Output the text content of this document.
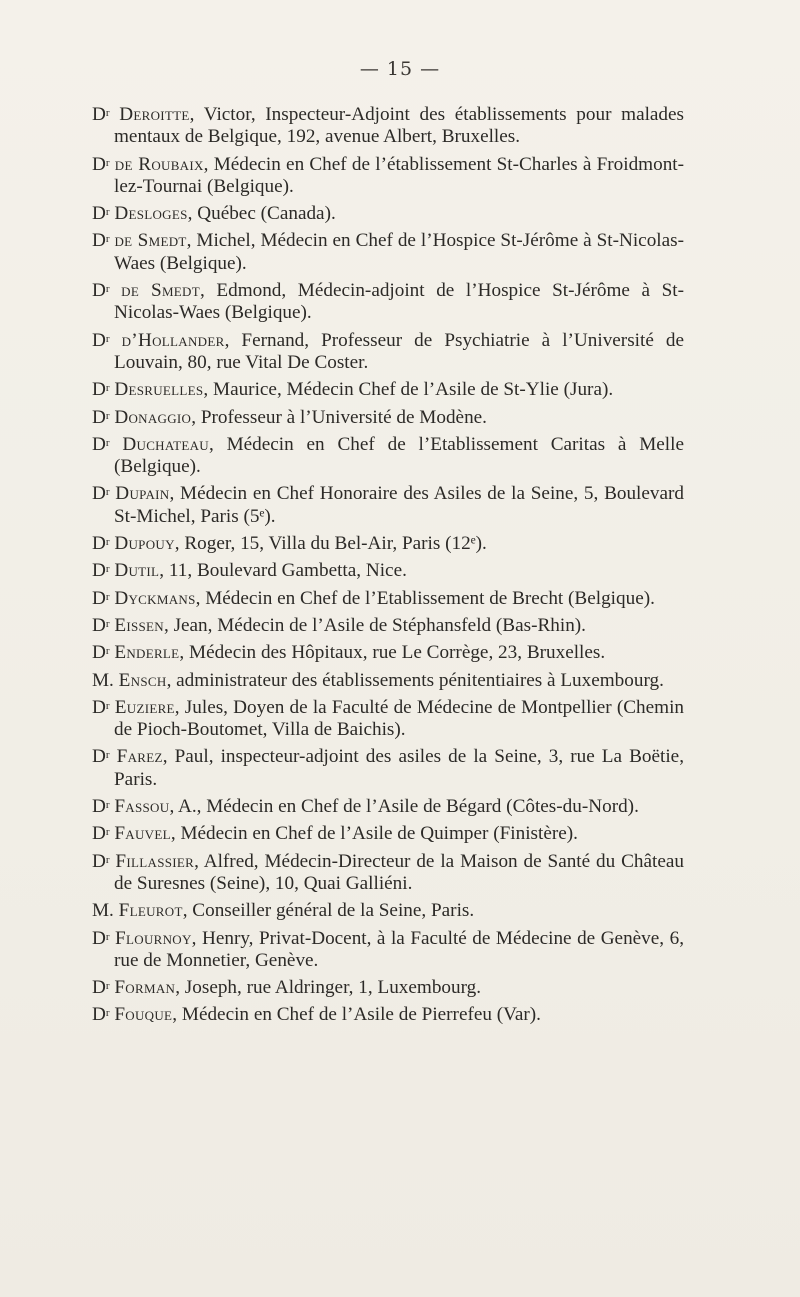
— 15 —

$D^r$ Deroitte, Victor, Inspecteur-Adjoint des établissements pour malades mentaux de Belgique, 192, avenue Albert, Bruxelles.

$D^r$ de Roubaix, Médecin en Chef de l’établissement St-Charles à Froidmont-lez-Tournai (Belgique).

$D^r$ Desloges, Québec (Canada).

$D^r$ de Smedt, Michel, Médecin en Chef de l’Hospice St-Jérôme à St-Nicolas-Waes (Belgique).

$D^r$ de Smedt, Edmond, Médecin-adjoint de l’Hospice St-Jérôme à St-Nicolas-Waes (Belgique).

$D^r$ d’Hollander, Fernand, Professeur de Psychiatrie à l’Université de Louvain, 80, rue Vital De Coster.

$D^r$ Desruelles, Maurice, Médecin Chef de l’Asile de St-Ylie (Jura).

$D^r$ Donaggio, Professeur à l’Université de Modène.

$D^r$ Duchateau, Médecin en Chef de l’Etablissement Caritas à Melle (Belgique).

$D^r$ Dupain, Médecin en Chef Honoraire des Asiles de la Seine, 5, Boulevard St-Michel, Paris (5ᵉ).

$D^r$ Dupouy, Roger, 15, Villa du Bel-Air, Paris (12ᵉ).

$D^r$ Dutil, 11, Boulevard Gambetta, Nice.

$D^r$ Dyckmans, Médecin en Chef de l’Etablissement de Brecht (Belgique).

$D^r$ Eissen, Jean, Médecin de l’Asile de Stéphansfeld (Bas-Rhin).

$D^r$ Enderle, Médecin des Hôpitaux, rue Le Corrège, 23, Bruxelles.

M. Ensch, administrateur des établissements pénitentiaires à Luxembourg.

$D^r$ Euziere, Jules, Doyen de la Faculté de Médecine de Montpellier (Chemin de Pioch-Boutomet, Villa de Baichis).

$D^r$ Farez, Paul, inspecteur-adjoint des asiles de la Seine, 3, rue La Boëtie, Paris.

$D^r$ Fassou, A., Médecin en Chef de l’Asile de Bégard (Côtes-du-Nord).

$D^r$ Fauvel, Médecin en Chef de l’Asile de Quimper (Finistère).

$D^r$ Fillassier, Alfred, Médecin-Directeur de la Maison de Santé du Château de Suresnes (Seine), 10, Quai Galliéni.

M. Fleurot, Conseiller général de la Seine, Paris.

$D^r$ Flournoy, Henry, Privat-Docent, à la Faculté de Médecine de Genève, 6, rue de Monnetier, Genève.

$D^r$ Forman, Joseph, rue Aldringer, 1, Luxembourg.

$D^r$ Fouque, Médecin en Chef de l’Asile de Pierrefeu (Var).
